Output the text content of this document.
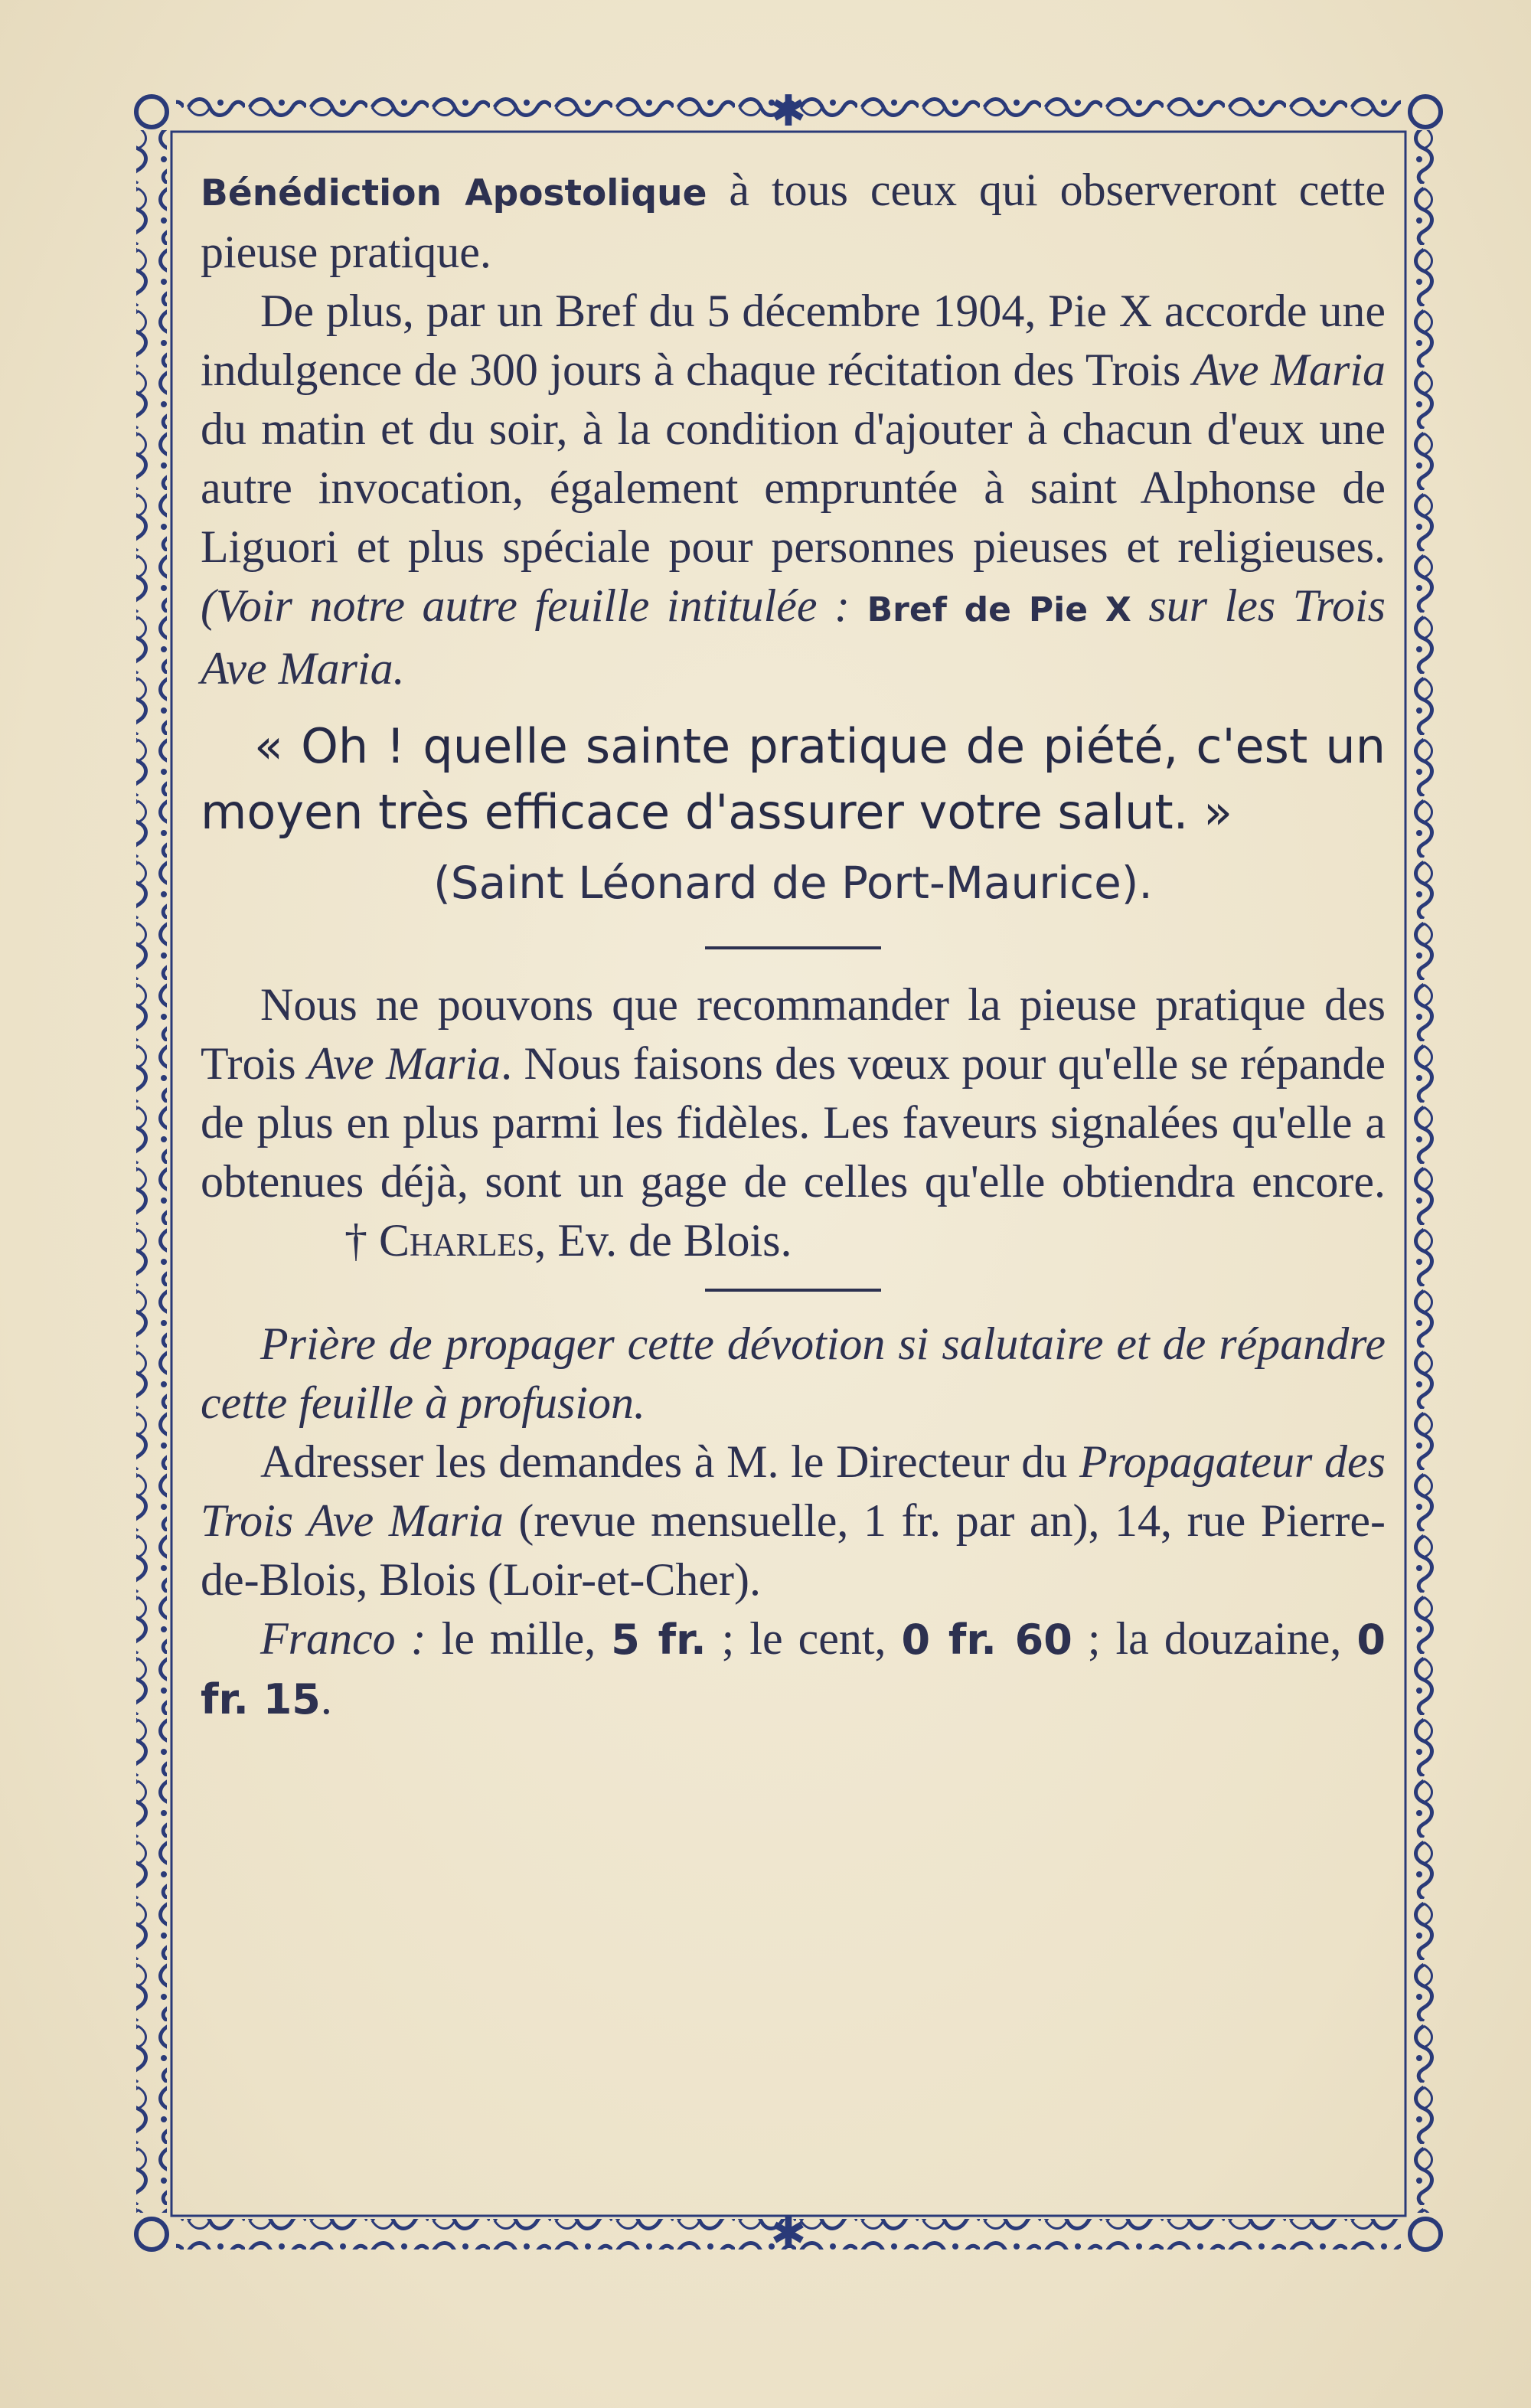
✱
✱

Bénédiction Apostolique à tous ceux qui observeront cette pieuse pratique.

De plus, par un Bref du 5 décembre 1904, Pie X accorde une indulgence de 300 jours à chaque récitation des Trois Ave Maria du matin et du soir, à la condition d'ajouter à chacun d'eux une autre invocation, également empruntée à saint Alphonse de Liguori et plus spéciale pour personnes pieuses et religieuses. (Voir notre autre feuille intitulée : Bref de Pie X sur les Trois Ave Maria.

« Oh ! quelle sainte pratique de piété, c'est un moyen très efficace d'assurer votre salut. »

(Saint Léonard de Port-Maurice).

Nous ne pouvons que recommander la pieuse pratique des Trois Ave Maria. Nous faisons des vœux pour qu'elle se répande de plus en plus parmi les fidèles. Les faveurs signalées qu'elle a obtenues déjà, sont un gage de celles qu'elle obtiendra encore. † Charles, Ev. de Blois.

Prière de propager cette dévotion si salutaire et de répandre cette feuille à profusion.

Adresser les demandes à M. le Directeur du Propagateur des Trois Ave Maria (revue mensuelle, 1 fr. par an), 14, rue Pierre-de-Blois, Blois (Loir-et-Cher).

Franco : le mille, 5 fr. ; le cent, 0 fr. 60 ; la douzaine, 0 fr. 15.
